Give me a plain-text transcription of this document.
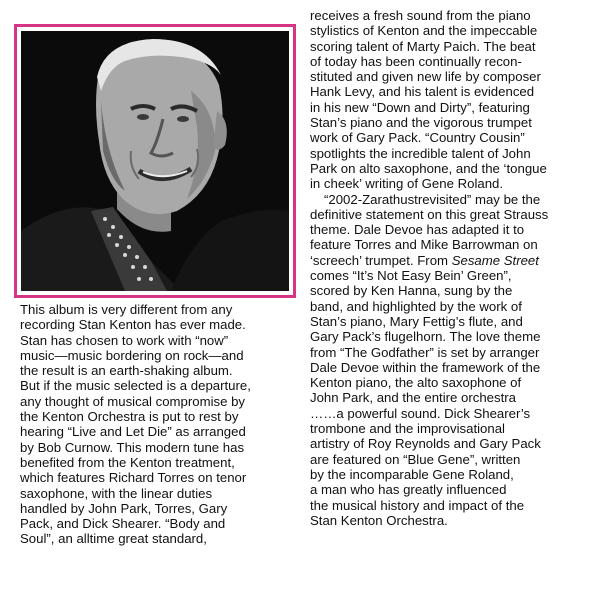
This album is very different from any
recording Stan Kenton has ever made.
Stan has chosen to work with “now”
music—music bordering on rock—and
the result is an earth-shaking album.
But if the music selected is a departure,
any thought of musical compromise by
the Kenton Orchestra is put to rest by
hearing “Live and Let Die” as arranged
by Bob Curnow. This modern tune has
benefited from the Kenton treatment,
which features Richard Torres on tenor
saxophone, with the linear duties
handled by John Park, Torres, Gary
Pack, and Dick Shearer. “Body and
Soul”, an alltime great standard,
receives a fresh sound from the piano
stylistics of Kenton and the impeccable
scoring talent of Marty Paich. The beat
of today has been continually recon-
stituted and given new life by composer
Hank Levy, and his talent is evidenced
in his new “Down and Dirty”, featuring
Stan’s piano and the vigorous trumpet
work of Gary Pack. “Country Cousin”
spotlights the incredible talent of John
Park on alto saxophone, and the ‘tongue
in cheek’ writing of Gene Roland.
“2002-Zarathustrevisited” may be the
definitive statement on this great Strauss
theme. Dale Devoe has adapted it to
feature Torres and Mike Barrowman on
‘screech’ trumpet. From Sesame Street
comes “It’s Not Easy Bein’ Green”,
scored by Ken Hanna, sung by the
band, and highlighted by the work of
Stan’s piano, Mary Fettig’s flute, and
Gary Pack’s flugelhorn. The love theme
from “The Godfather” is set by arranger
Dale Devoe within the framework of the
Kenton piano, the alto saxophone of
John Park, and the entire orchestra
……a powerful sound. Dick Shearer’s
trombone and the improvisational
artistry of Roy Reynolds and Gary Pack
are featured on “Blue Gene”, written
by the incomparable Gene Roland,
a man who has greatly influenced
the musical history and impact of the
Stan Kenton Orchestra.
